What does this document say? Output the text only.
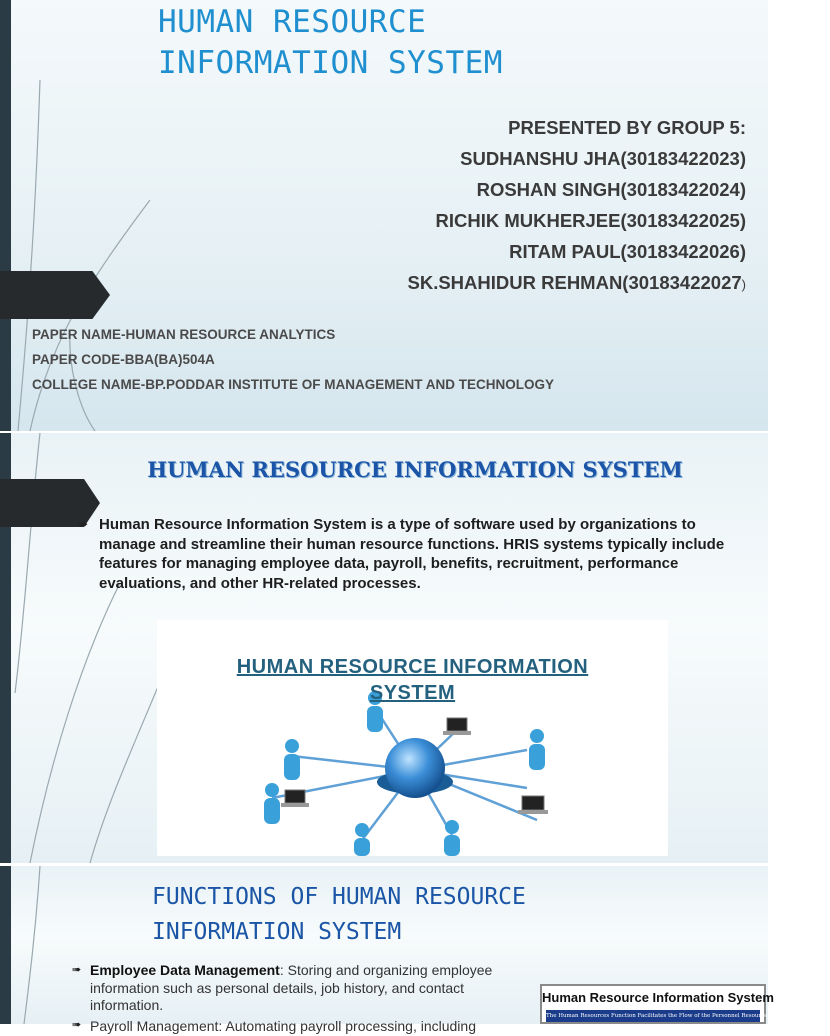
HUMAN RESOURCE
INFORMATION SYSTEM
PRESENTED BY GROUP 5:
SUDHANSHU JHA(30183422023)
ROSHAN SINGH(30183422024)
RICHIK MUKHERJEE(30183422025)
RITAM PAUL(30183422026)
SK.SHAHIDUR REHMAN(30183422027)
PAPER NAME-HUMAN RESOURCE ANALYTICS
PAPER CODE-BBA(BA)504A
COLLEGE NAME-BP.PODDAR INSTITUTE OF MANAGEMENT AND TECHNOLOGY
HUMAN RESOURCE INFORMATION SYSTEM
➠ Human Resource Information System is a type of software used by organizations to manage and streamline their human resource functions. HRIS systems typically include features for managing employee data, payroll, benefits, recruitment, performance evaluations, and other HR-related processes.
HUMAN RESOURCE INFORMATION
SYSTEM
FUNCTIONS OF HUMAN RESOURCE
INFORMATION SYSTEM
➠ Employee Data Management: Storing and organizing employee information such as personal details, job history, and contact information.
➠ Payroll Management: Automating payroll processing, including

Human Resource Information System

The Human Resources Function Facilitates the Flow of the Personnel Resource
